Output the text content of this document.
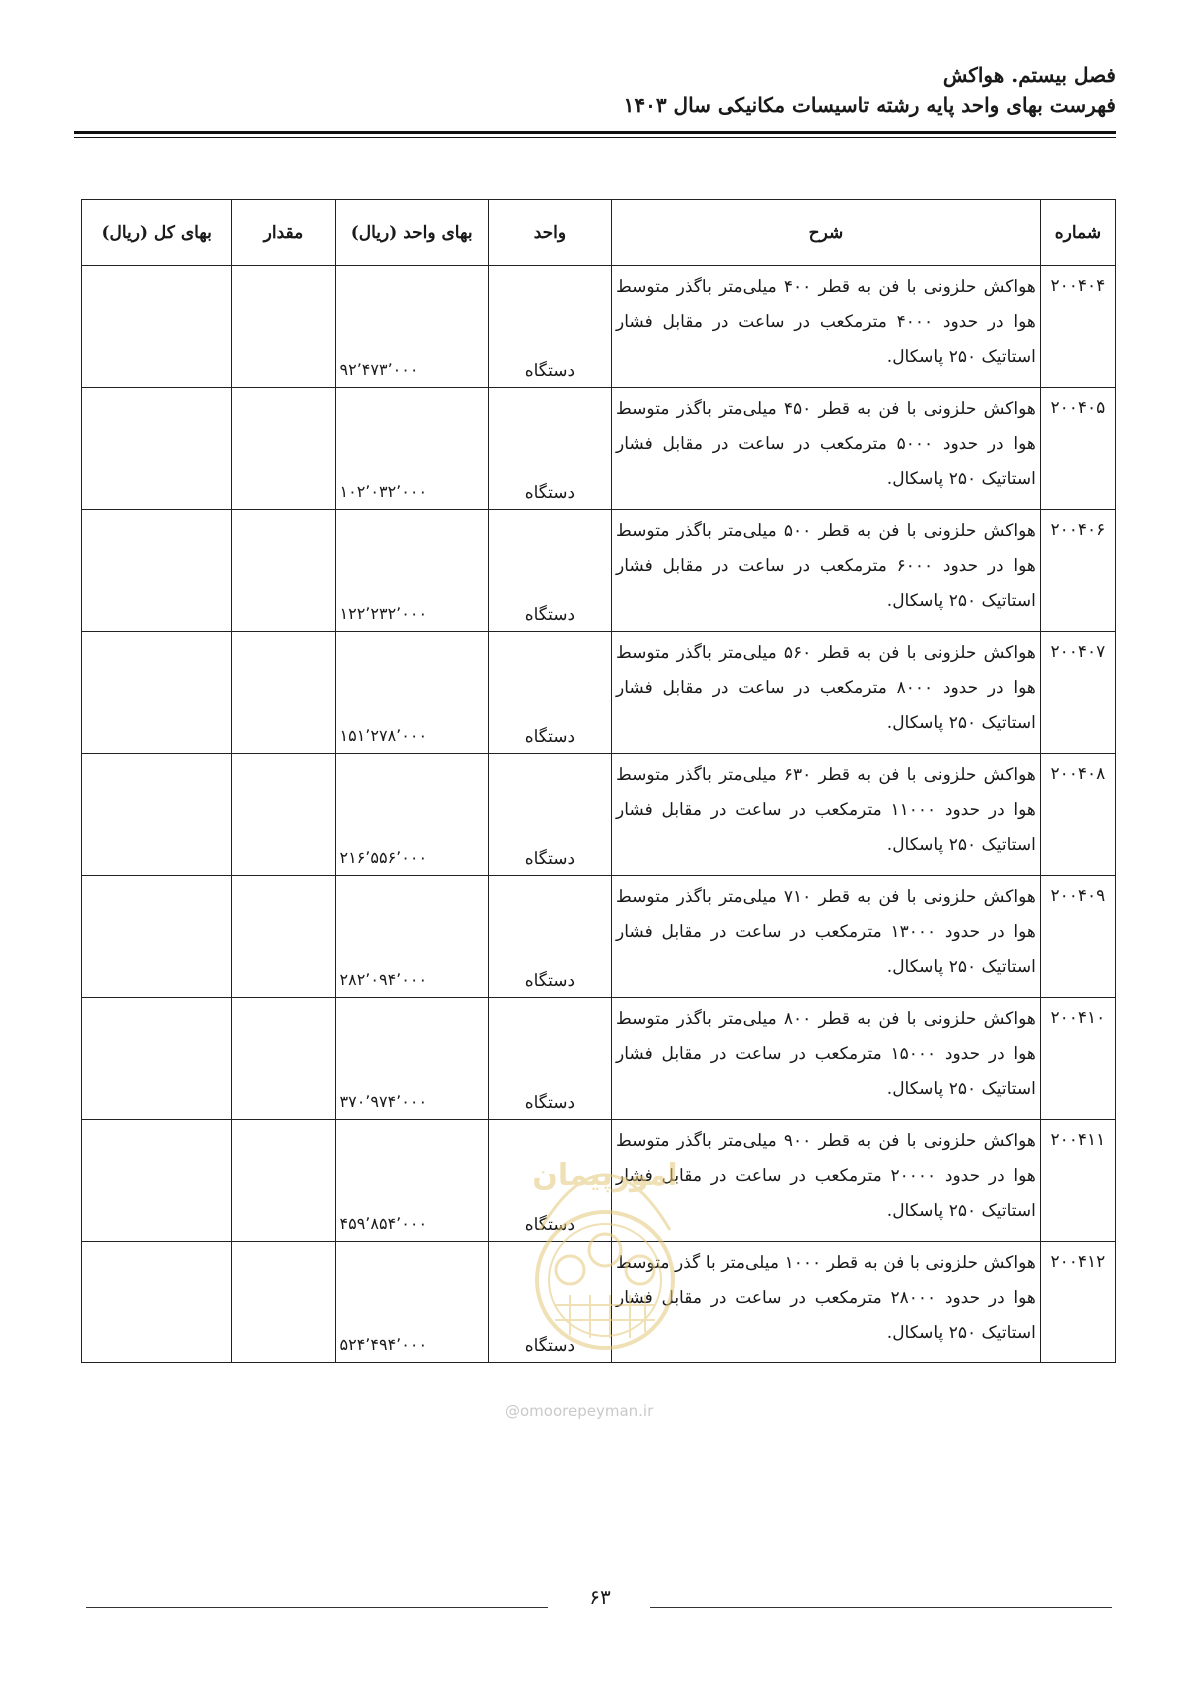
فصل بیستم. هواکش
فهرست بهای واحد پایه رشته تاسیسات مکانیکی سال ۱۴۰۳
شماره	شرح	واحد	بهای واحد (ریال)	مقدار	بهای کل (ریال)
۲۰۰۴۰۴	هواکش حلزونی با فن به قطر ۴۰۰ میلی‌متر باگذر متوسط هوا در حدود ۴۰۰۰ مترمکعب در ساعت در مقابل فشار استاتیک ۲۵۰ پاسکال.	دستگاه	۹۲٬۴۷۳٬۰۰۰		
۲۰۰۴۰۵	هواکش حلزونی با فن به قطر ۴۵۰ میلی‌متر باگذر متوسط هوا در حدود ۵۰۰۰ مترمکعب در ساعت در مقابل فشار استاتیک ۲۵۰ پاسکال.	دستگاه	۱۰۲٬۰۳۲٬۰۰۰		
۲۰۰۴۰۶	هواکش حلزونی با فن به قطر ۵۰۰ میلی‌متر باگذر متوسط هوا در حدود ۶۰۰۰ مترمکعب در ساعت در مقابل فشار استاتیک ۲۵۰ پاسکال.	دستگاه	۱۲۲٬۲۳۲٬۰۰۰		
۲۰۰۴۰۷	هواکش حلزونی با فن به قطر ۵۶۰ میلی‌متر باگذر متوسط هوا در حدود ۸۰۰۰ مترمکعب در ساعت در مقابل فشار استاتیک ۲۵۰ پاسکال.	دستگاه	۱۵۱٬۲۷۸٬۰۰۰		
۲۰۰۴۰۸	هواکش حلزونی با فن به قطر ۶۳۰ میلی‌متر باگذر متوسط هوا در حدود ۱۱۰۰۰ مترمکعب در ساعت در مقابل فشار استاتیک ۲۵۰ پاسکال.	دستگاه	۲۱۶٬۵۵۶٬۰۰۰		
۲۰۰۴۰۹	هواکش حلزونی با فن به قطر ۷۱۰ میلی‌متر باگذر متوسط هوا در حدود ۱۳۰۰۰ مترمکعب در ساعت در مقابل فشار استاتیک ۲۵۰ پاسکال.	دستگاه	۲۸۲٬۰۹۴٬۰۰۰		
۲۰۰۴۱۰	هواکش حلزونی با فن به قطر ۸۰۰ میلی‌متر باگذر متوسط هوا در حدود ۱۵۰۰۰ مترمکعب در ساعت در مقابل فشار استاتیک ۲۵۰ پاسکال.	دستگاه	۳۷۰٬۹۷۴٬۰۰۰		
۲۰۰۴۱۱	هواکش حلزونی با فن به قطر ۹۰۰ میلی‌متر باگذر متوسط هوا در حدود ۲۰۰۰۰ مترمکعب در ساعت در مقابل فشار استاتیک ۲۵۰ پاسکال.	دستگاه	۴۵۹٬۸۵۴٬۰۰۰		
۲۰۰۴۱۲	هواکش حلزونی با فن به قطر ۱۰۰۰ میلی‌متر با گذر متوسط هوا در حدود ۲۸۰۰۰ مترمکعب در ساعت در مقابل فشار استاتیک ۲۵۰ پاسکال.	دستگاه	۵۲۴٬۴۹۴٬۰۰۰		
امورپیمان
@omoorepeyman.ir
۶۳
